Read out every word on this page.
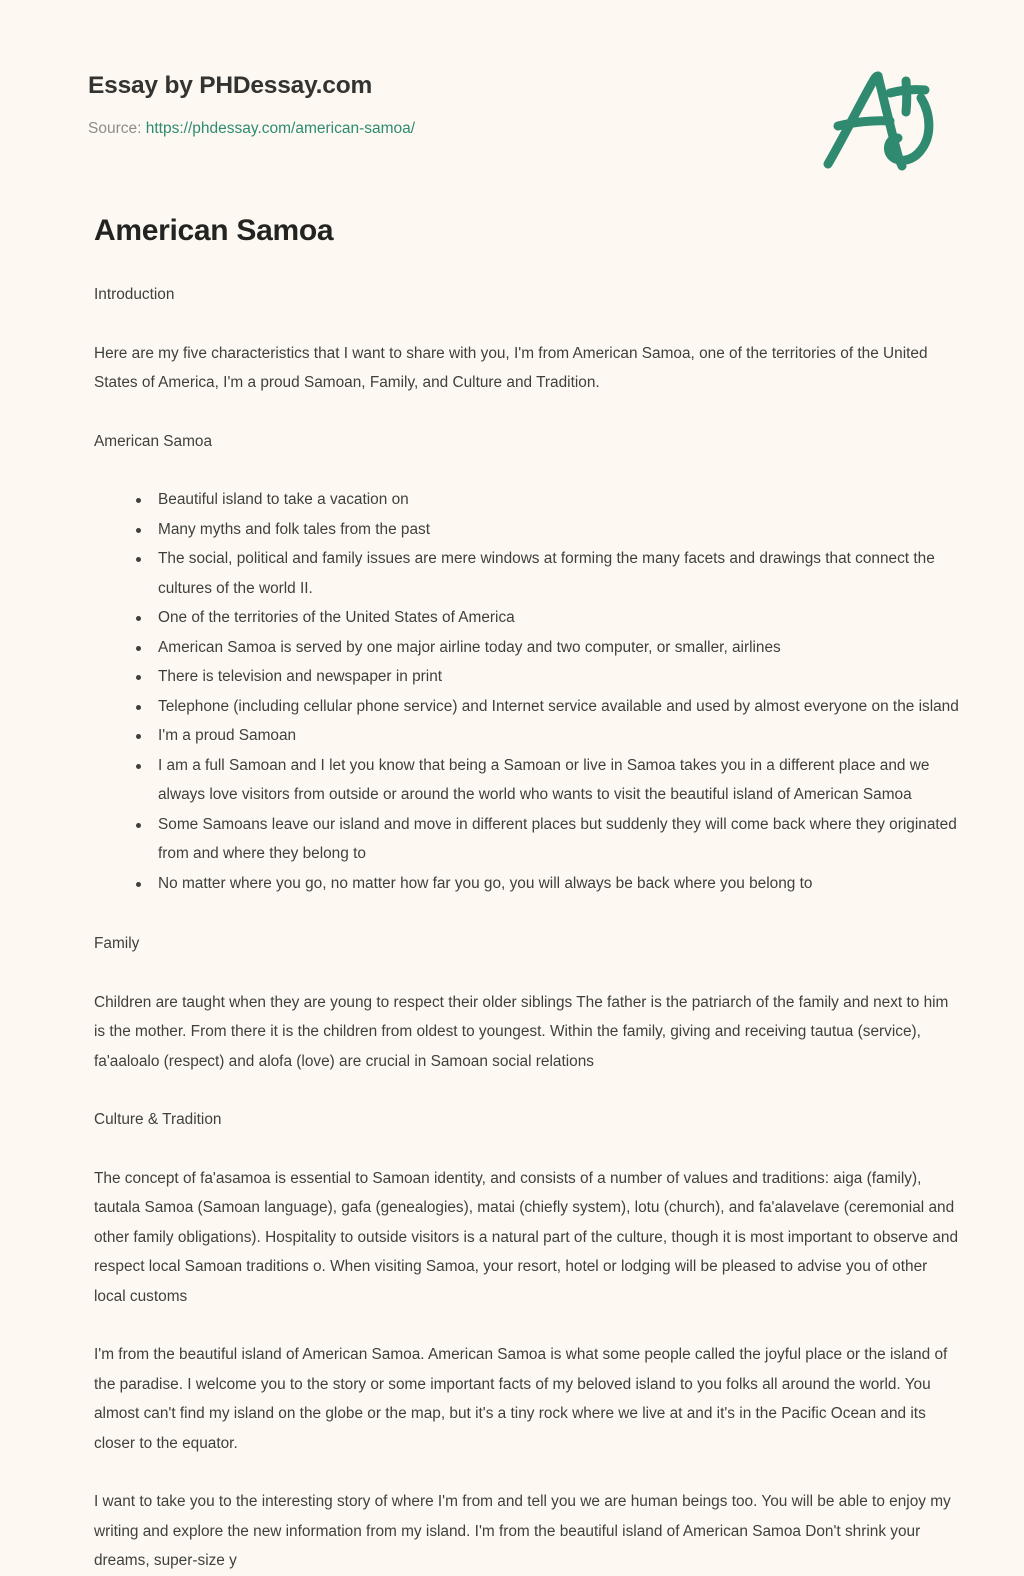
Essay by PHDessay.com
Source: https://phdessay.com/american-samoa/
American Samoa

Introduction

Here are my five characteristics that I want to share with you, I'm from American Samoa, one of the territories of the United States of America, I'm a proud Samoan, Family, and Culture and Tradition.

American Samoa

Beautiful island to take a vacation on
Many myths and folk tales from the past
The social, political and family issues are mere windows at forming the many facets and drawings that connect the cultures of the world II.
One of the territories of the United States of America
American Samoa is served by one major airline today and two computer, or smaller, airlines
There is television and newspaper in print
Telephone (including cellular phone service) and Internet service available and used by almost everyone on the island
I'm a proud Samoan
I am a full Samoan and I let you know that being a Samoan or live in Samoa takes you in a different place and we always love visitors from outside or around the world who wants to visit the beautiful island of American Samoa
Some Samoans leave our island and move in different places but suddenly they will come back where they originated from and where they belong to
No matter where you go, no matter how far you go, you will always be back where you belong to

Family

Children are taught when they are young to respect their older siblings The father is the patriarch of the family and next to him is the mother. From there it is the children from oldest to youngest. Within the family, giving and receiving tautua (service), fa'aaloalo (respect) and alofa (love) are crucial in Samoan social relations

Culture & Tradition

The concept of fa'asamoa is essential to Samoan identity, and consists of a number of values and traditions: aiga (family), tautala Samoa (Samoan language), gafa (genealogies), matai (chiefly system), lotu (church), and fa'alavelave (ceremonial and other family obligations). Hospitality to outside visitors is a natural part of the culture, though it is most important to observe and respect local Samoan traditions o. When visiting Samoa, your resort, hotel or lodging will be pleased to advise you of other local customs

I'm from the beautiful island of American Samoa. American Samoa is what some people called the joyful place or the island of the paradise. I welcome you to the story or some important facts of my beloved island to you folks all around the world. You almost can't find my island on the globe or the map, but it's a tiny rock where we live at and it's in the Pacific Ocean and its closer to the equator.

I want to take you to the interesting story of where I'm from and tell you we are human beings too. You will be able to enjoy my writing and explore the new information from my island. I'm from the beautiful island of American Samoa Don't shrink your dreams, super-size y
